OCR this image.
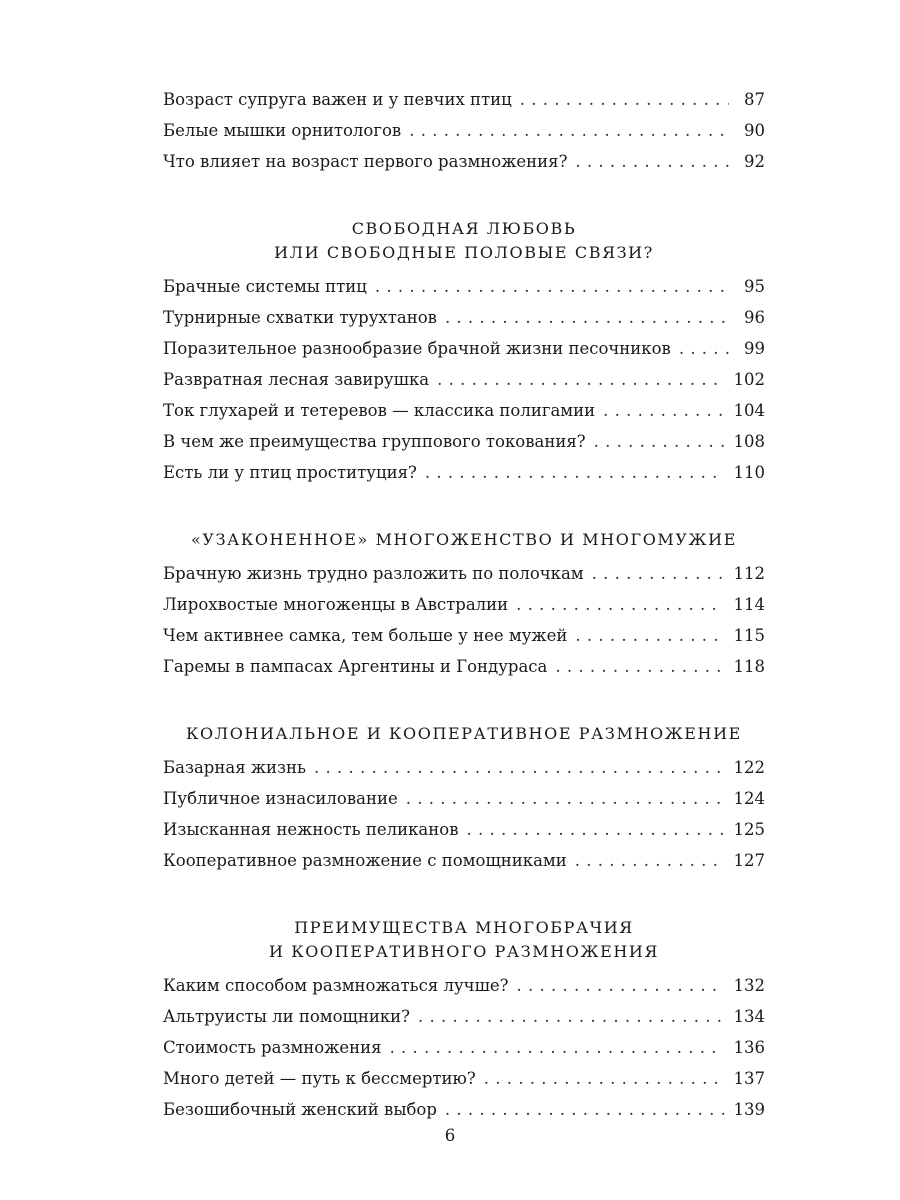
Возраст супруга важен и у певчих птиц . . .	87
Белые мышки орнитологов . . .	90
Что влияет на возраст первого размножения? . . .	92
СВОБОДНАЯ ЛЮБОВЬ
ИЛИ СВОБОДНЫЕ ПОЛОВЫЕ СВЯЗИ?
Брачные системы птиц . . .	95
Турнирные схватки турухтанов . . .	96
Поразительное разнообразие брачной жизни песочников . . .	99
Развратная лесная завирушка . . .	102
Ток глухарей и тетеревов — классика полигамии . . .	104
В чем же преимущества группового токования? . . .	108
Есть ли у птиц проституция? . . .	110
«УЗАКОНЕННОЕ» МНОГОЖЕНСТВО И МНОГОМУЖИЕ
Брачную жизнь трудно разложить по полочкам . . .	112
Лирохвостые многоженцы в Австралии . . .	114
Чем активнее самка, тем больше у нее мужей . . .	115
Гаремы в пампасах Аргентины и Гондураса . . .	118
КОЛОНИАЛЬНОЕ И КООПЕРАТИВНОЕ РАЗМНОЖЕНИЕ
Базарная жизнь . . .	122
Публичное изнасилование . . .	124
Изысканная нежность пеликанов . . .	125
Кооперативное размножение с помощниками . . .	127
ПРЕИМУЩЕСТВА МНОГОБРАЧИЯ
И КООПЕРАТИВНОГО РАЗМНОЖЕНИЯ
Каким способом размножаться лучше? . . .	132
Альтруисты ли помощники? . . .	134
Стоимость размножения . . .	136
Много детей — путь к бессмертию? . . .	137
Безошибочный женский выбор . . .	139
6
